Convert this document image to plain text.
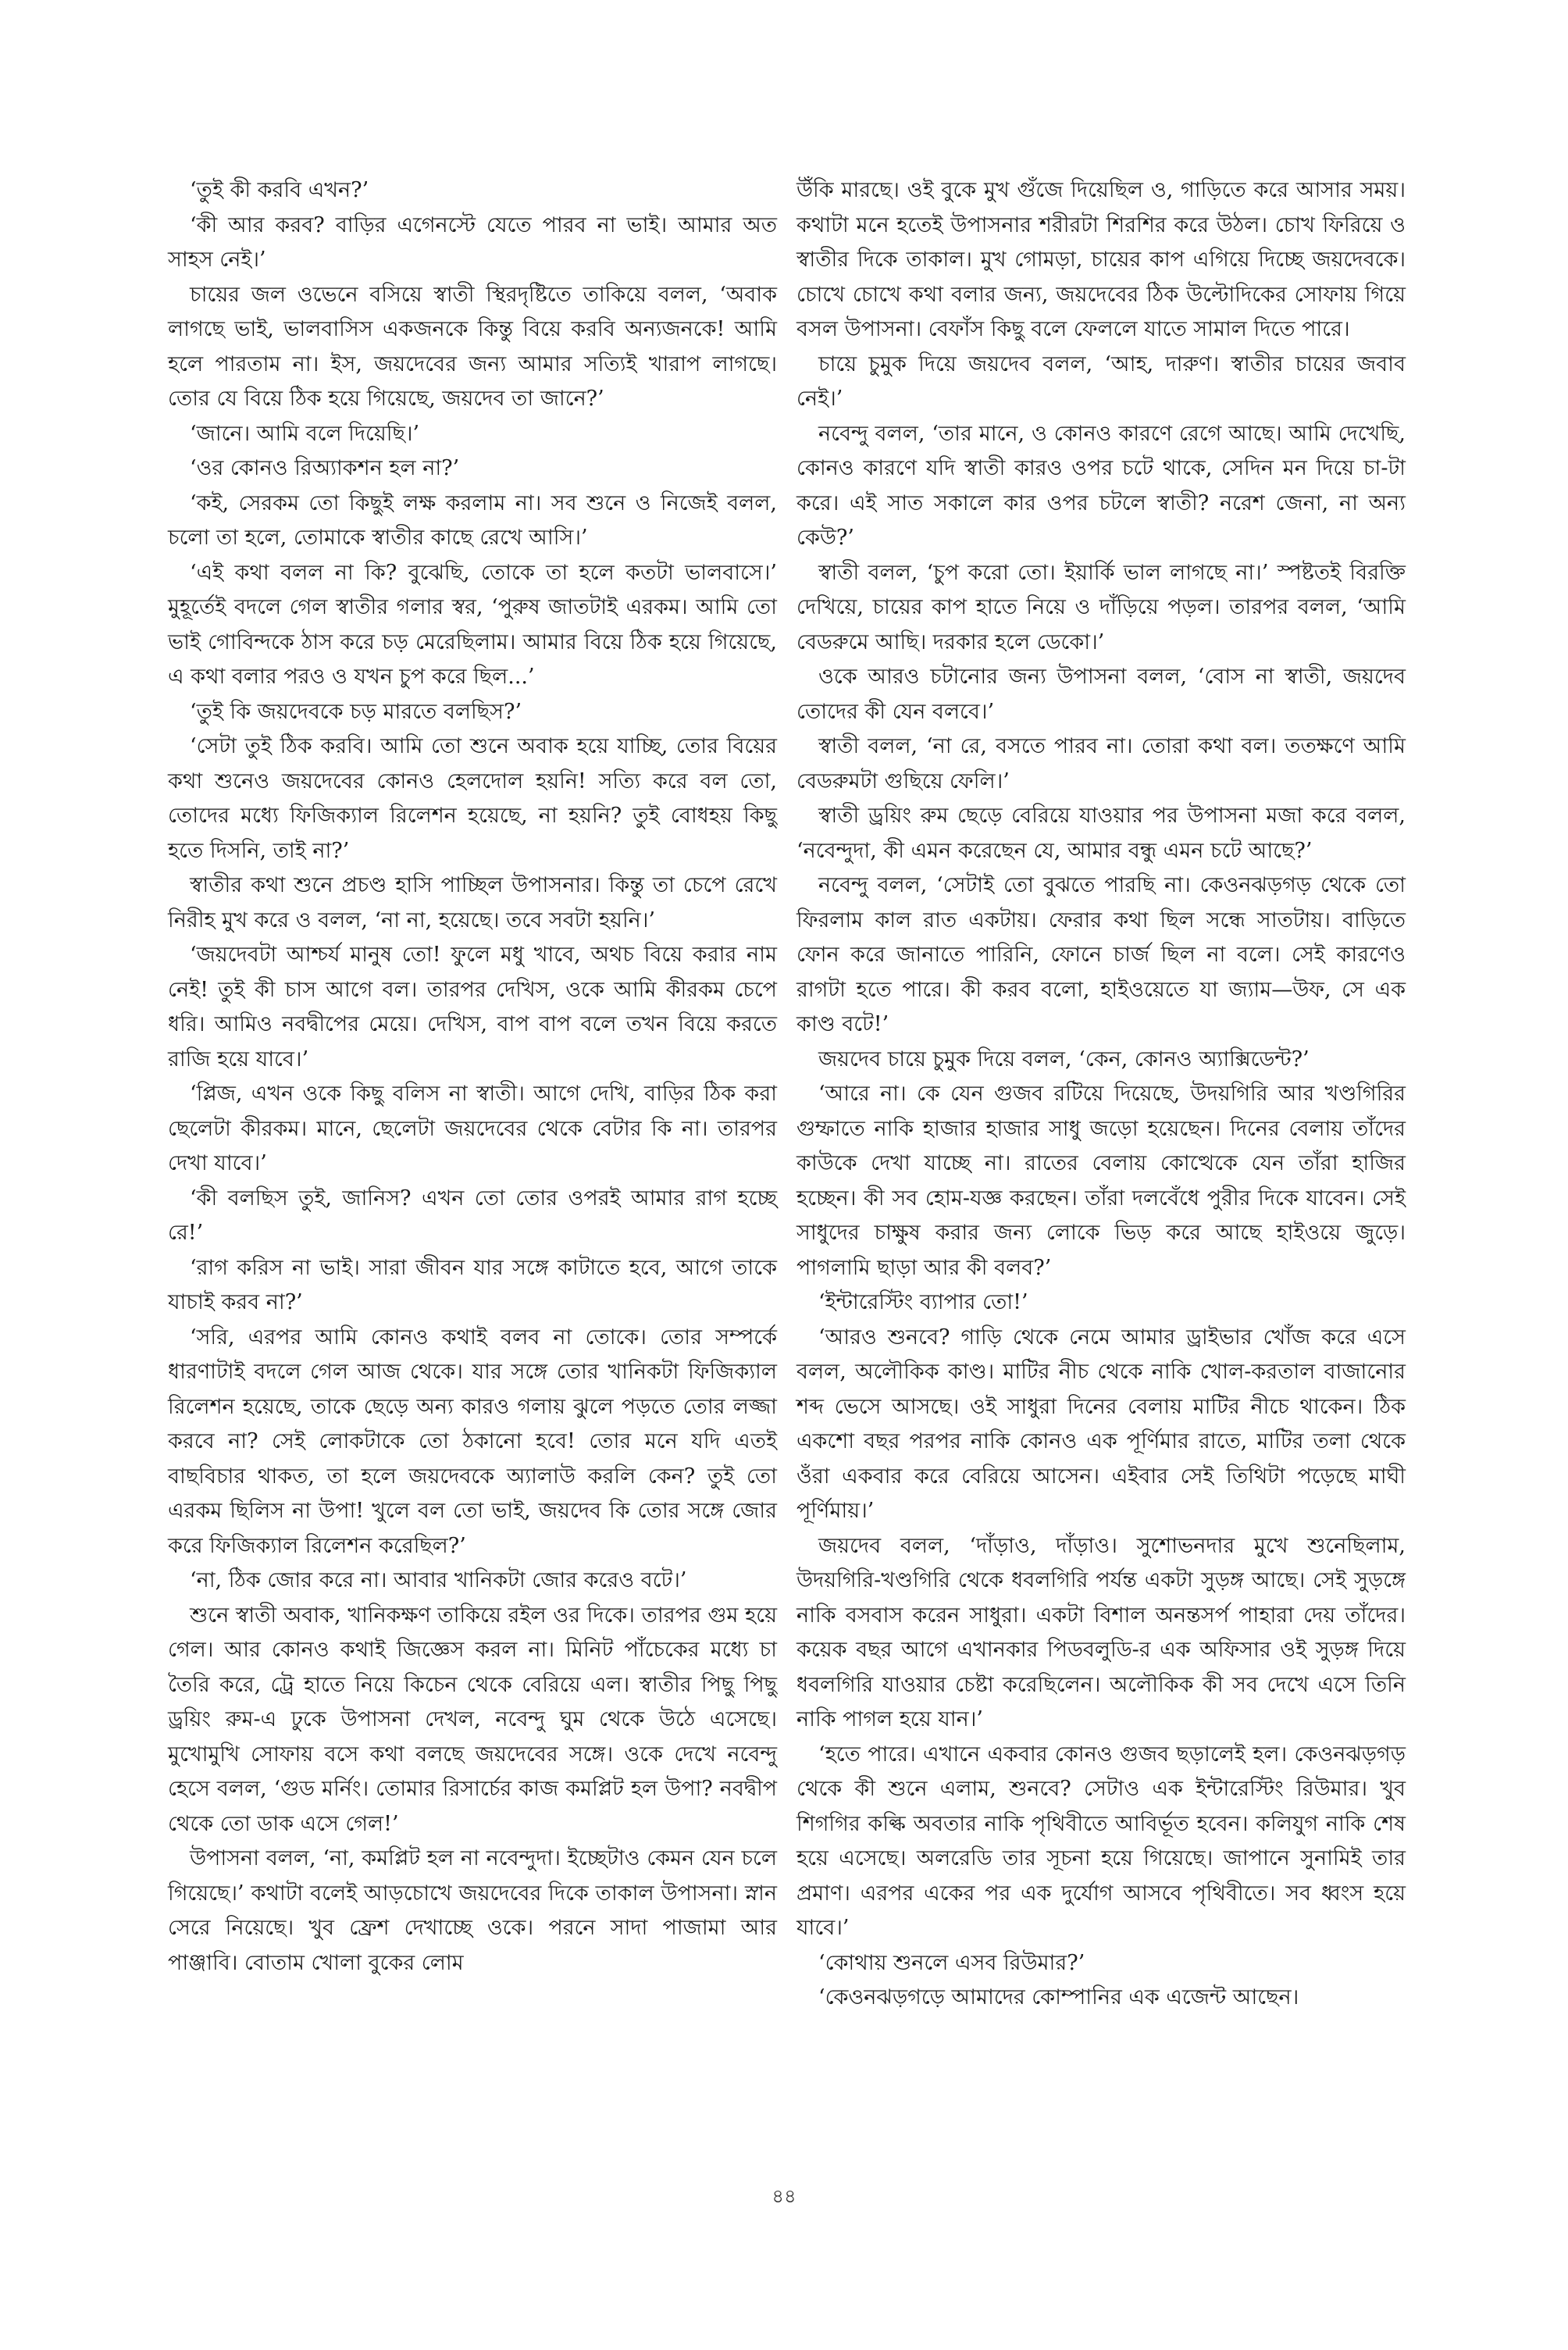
‘তুই কী করবি এখন?’

‘কী আর করব? বাড়ির এগেনস্টে যেতে পারব না ভাই। আমার অত সাহস নেই।’

চায়ের জল ওভেনে বসিয়ে স্বাতী স্থিরদৃষ্টিতে তাকিয়ে বলল, ‘অবাক লাগছে ভাই, ভালবাসিস একজনকে কিন্তু বিয়ে করবি অন্যজনকে! আমি হলে পারতাম না। ইস, জয়দেবের জন্য আমার সত্যিই খারাপ লাগছে। তোর যে বিয়ে ঠিক হয়ে গিয়েছে, জয়দেব তা জানে?’

‘জানে। আমি বলে দিয়েছি।’

‘ওর কোনও রিঅ্যাকশন হল না?’

‘কই, সেরকম তো কিছুই লক্ষ করলাম না। সব শুনে ও নিজেই বলল, চলো তা হলে, তোমাকে স্বাতীর কাছে রেখে আসি।’

‘এই কথা বলল না কি? বুঝেছি, তোকে তা হলে কতটা ভালবাসে।’ মুহূর্তেই বদলে গেল স্বাতীর গলার স্বর, ‘পুরুষ জাতটাই এরকম। আমি তো ভাই গোবিন্দকে ঠাস করে চড় মেরেছিলাম। আমার বিয়ে ঠিক হয়ে গিয়েছে, এ কথা বলার পরও ও যখন চুপ করে ছিল...’

‘তুই কি জয়দেবকে চড় মারতে বলছিস?’

‘সেটা তুই ঠিক করবি। আমি তো শুনে অবাক হয়ে যাচ্ছি, তোর বিয়ের কথা শুনেও জয়দেবের কোনও হেলদোল হয়নি! সত্যি করে বল তো, তোদের মধ্যে ফিজিক্যাল রিলেশন হয়েছে, না হয়নি? তুই বোধহয় কিছু হতে দিসনি, তাই না?’

স্বাতীর কথা শুনে প্রচণ্ড হাসি পাচ্ছিল উপাসনার। কিন্তু তা চেপে রেখে নিরীহ মুখ করে ও বলল, ‘না না, হয়েছে। তবে সবটা হয়নি।’

‘জয়দেবটা আশ্চর্য মানুষ তো! ফুলে মধু খাবে, অথচ বিয়ে করার নাম নেই! তুই কী চাস আগে বল। তারপর দেখিস, ওকে আমি কীরকম চেপে ধরি। আমিও নবদ্বীপের মেয়ে। দেখিস, বাপ বাপ বলে তখন বিয়ে করতে রাজি হয়ে যাবে।’

‘প্লিজ, এখন ওকে কিছু বলিস না স্বাতী। আগে দেখি, বাড়ির ঠিক করা ছেলেটা কীরকম। মানে, ছেলেটা জয়দেবের থেকে বেটার কি না। তারপর দেখা যাবে।’

‘কী বলছিস তুই, জানিস? এখন তো তোর ওপরই আমার রাগ হচ্ছে রে!’

‘রাগ করিস না ভাই। সারা জীবন যার সঙ্গে কাটাতে হবে, আগে তাকে যাচাই করব না?’

‘সরি, এরপর আমি কোনও কথাই বলব না তোকে। তোর সম্পর্কে ধারণাটাই বদলে গেল আজ থেকে। যার সঙ্গে তোর খানিকটা ফিজিক্যাল রিলেশন হয়েছে, তাকে ছেড়ে অন্য কারও গলায় ঝুলে পড়তে তোর লজ্জা করবে না? সেই লোকটাকে তো ঠকানো হবে! তোর মনে যদি এতই বাছবিচার থাকত, তা হলে জয়দেবকে অ্যালাউ করলি কেন? তুই তো এরকম ছিলিস না উপা! খুলে বল তো ভাই, জয়দেব কি তোর সঙ্গে জোর করে ফিজিক্যাল রিলেশন করেছিল?’

‘না, ঠিক জোর করে না। আবার খানিকটা জোর করেও বটে।’

শুনে স্বাতী অবাক, খানিকক্ষণ তাকিয়ে রইল ওর দিকে। তারপর গুম হয়ে গেল। আর কোনও কথাই জিজ্ঞেস করল না। মিনিট পাঁচেকের মধ্যে চা তৈরি করে, ট্রে হাতে নিয়ে কিচেন থেকে বেরিয়ে এল। স্বাতীর পিছু পিছু ড্রয়িং রুম-এ ঢুকে উপাসনা দেখল, নবেন্দু ঘুম থেকে উঠে এসেছে। মুখোমুখি সোফায় বসে কথা বলছে জয়দেবের সঙ্গে। ওকে দেখে নবেন্দু হেসে বলল, ‘গুড মর্নিং। তোমার রিসার্চের কাজ কমপ্লিট হল উপা? নবদ্বীপ থেকে তো ডাক এসে গেল!’

উপাসনা বলল, ‘না, কমপ্লিট হল না নবেন্দুদা। ইচ্ছেটাও কেমন যেন চলে গিয়েছে।’ কথাটা বলেই আড়চোখে জয়দেবের দিকে তাকাল উপাসনা। স্নান সেরে নিয়েছে। খুব ফ্রেশ দেখাচ্ছে ওকে। পরনে সাদা পাজামা আর পাঞ্জাবি। বোতাম খোলা বুকের লোম

উঁকি মারছে। ওই বুকে মুখ গুঁজে দিয়েছিল ও, গাড়িতে করে আসার সময়। কথাটা মনে হতেই উপাসনার শরীরটা শিরশির করে উঠল। চোখ ফিরিয়ে ও স্বাতীর দিকে তাকাল। মুখ গোমড়া, চায়ের কাপ এগিয়ে দিচ্ছে জয়দেবকে। চোখে চোখে কথা বলার জন্য, জয়দেবের ঠিক উল্টোদিকের সোফায় গিয়ে বসল উপাসনা। বেফাঁস কিছু বলে ফেললে যাতে সামাল দিতে পারে।

চায়ে চুমুক দিয়ে জয়দেব বলল, ‘আহ, দারুণ। স্বাতীর চায়ের জবাব নেই।’

নবেন্দু বলল, ‘তার মানে, ও কোনও কারণে রেগে আছে। আমি দেখেছি, কোনও কারণে যদি স্বাতী কারও ওপর চটে থাকে, সেদিন মন দিয়ে চা-টা করে। এই সাত সকালে কার ওপর চটলে স্বাতী? নরেশ জেনা, না অন্য কেউ?’

স্বাতী বলল, ‘চুপ করো তো। ইয়ার্কি ভাল লাগছে না।’ স্পষ্টতই বিরক্তি দেখিয়ে, চায়ের কাপ হাতে নিয়ে ও দাঁড়িয়ে পড়ল। তারপর বলল, ‘আমি বেডরুমে আছি। দরকার হলে ডেকো।’

ওকে আরও চটানোর জন্য উপাসনা বলল, ‘বোস না স্বাতী, জয়দেব তোদের কী যেন বলবে।’

স্বাতী বলল, ‘না রে, বসতে পারব না। তোরা কথা বল। ততক্ষণে আমি বেডরুমটা গুছিয়ে ফেলি।’

স্বাতী ড্রয়িং রুম ছেড়ে বেরিয়ে যাওয়ার পর উপাসনা মজা করে বলল, ‘নবেন্দুদা, কী এমন করেছেন যে, আমার বন্ধু এমন চটে আছে?’

নবেন্দু বলল, ‘সেটাই তো বুঝতে পারছি না। কেওনঝড়গড় থেকে তো ফিরলাম কাল রাত একটায়। ফেরার কথা ছিল সন্ধে সাতটায়। বাড়িতে ফোন করে জানাতে পারিনি, ফোনে চার্জ ছিল না বলে। সেই কারণেও রাগটা হতে পারে। কী করব বলো, হাইওয়েতে যা জ্যাম—উফ, সে এক কাণ্ড বটে!’

জয়দেব চায়ে চুমুক দিয়ে বলল, ‘কেন, কোনও অ্যাক্সিডেন্ট?’

‘আরে না। কে যেন গুজব রটিয়ে দিয়েছে, উদয়গিরি আর খণ্ডগিরির গুম্ফাতে নাকি হাজার হাজার সাধু জড়ো হয়েছেন। দিনের বেলায় তাঁদের কাউকে দেখা যাচ্ছে না। রাতের বেলায় কোত্থেকে যেন তাঁরা হাজির হচ্ছেন। কী সব হোম-যজ্ঞ করছেন। তাঁরা দলবেঁধে পুরীর দিকে যাবেন। সেই সাধুদের চাক্ষুষ করার জন্য লোকে ভিড় করে আছে হাইওয়ে জুড়ে। পাগলামি ছাড়া আর কী বলব?’

‘ইন্টারেস্টিং ব্যাপার তো!’

‘আরও শুনবে? গাড়ি থেকে নেমে আমার ড্রাইভার খোঁজ করে এসে বলল, অলৌকিক কাণ্ড। মাটির নীচ থেকে নাকি খোল-করতাল বাজানোর শব্দ ভেসে আসছে। ওই সাধুরা দিনের বেলায় মাটির নীচে থাকেন। ঠিক একশো বছর পরপর নাকি কোনও এক পূর্ণিমার রাতে, মাটির তলা থেকে ওঁরা একবার করে বেরিয়ে আসেন। এইবার সেই তিথিটা পড়েছে মাঘী পূর্ণিমায়।’

জয়দেব বলল, ‘দাঁড়াও, দাঁড়াও। সুশোভনদার মুখে শুনেছিলাম, উদয়গিরি-খণ্ডগিরি থেকে ধবলগিরি পর্যন্ত একটা সুড়ঙ্গ আছে। সেই সুড়ঙ্গে নাকি বসবাস করেন সাধুরা। একটা বিশাল অনন্তসর্প পাহারা দেয় তাঁদের। কয়েক বছর আগে এখানকার পিডবলুডি-র এক অফিসার ওই সুড়ঙ্গ দিয়ে ধবলগিরি যাওয়ার চেষ্টা করেছিলেন। অলৌকিক কী সব দেখে এসে তিনি নাকি পাগল হয়ে যান।’

‘হতে পারে। এখানে একবার কোনও গুজব ছড়ালেই হল। কেওনঝড়গড় থেকে কী শুনে এলাম, শুনবে? সেটাও এক ইন্টারেস্টিং রিউমার। খুব শিগগির কল্কি অবতার নাকি পৃথিবীতে আবির্ভূত হবেন। কলিযুগ নাকি শেষ হয়ে এসেছে। অলরেডি তার সূচনা হয়ে গিয়েছে। জাপানে সুনামিই তার প্রমাণ। এরপর একের পর এক দুর্যোগ আসবে পৃথিবীতে। সব ধ্বংস হয়ে যাবে।’

‘কোথায় শুনলে এসব রিউমার?’

‘কেওনঝড়গড়ে আমাদের কোম্পানির এক এজেন্ট আছেন।

৪৪
